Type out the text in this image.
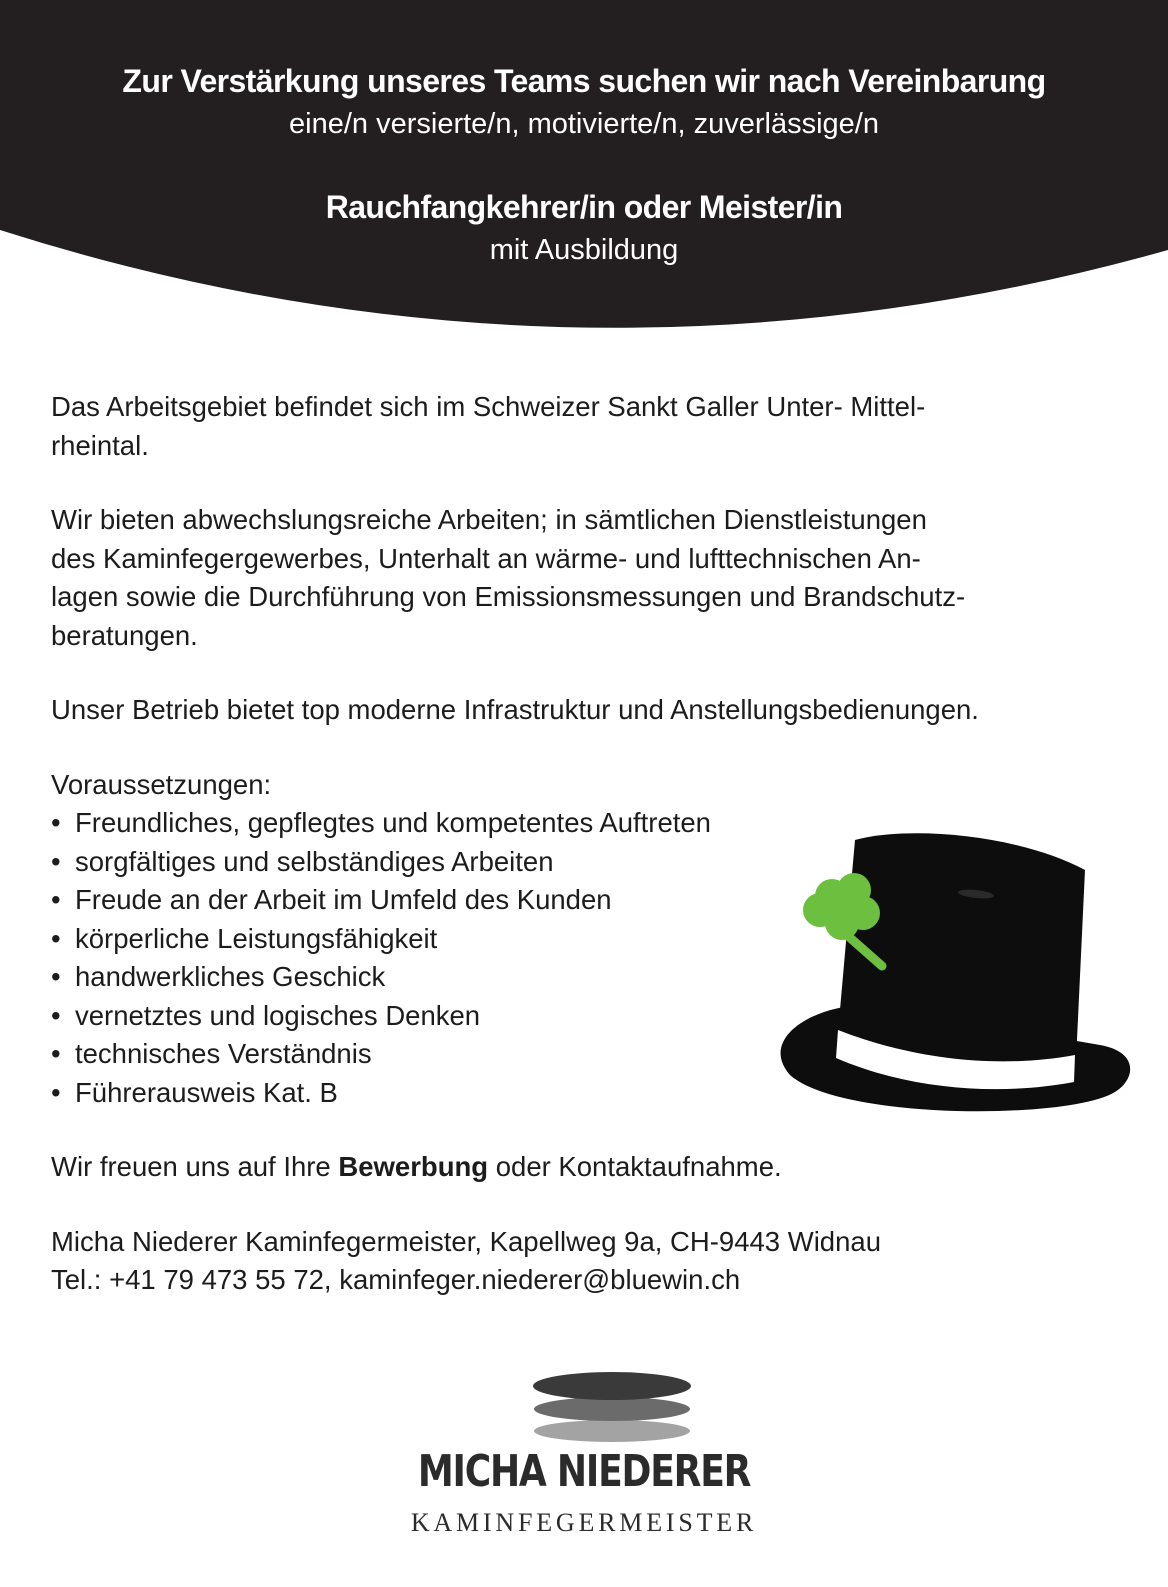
Zur Verstärkung unseres Teams suchen wir nach Vereinbarung
eine/n versierte/n, motivierte/n, zuverlässige/n
Rauchfangkehrer/in oder Meister/in
mit Ausbildung

Das Arbeitsgebiet befindet sich im Schweizer Sankt Galler Unter- Mittel-
rheintal.

Wir bieten abwechslungsreiche Arbeiten; in sämtlichen Dienstleistungen
des Kaminfegergewerbes, Unterhalt an wärme- und lufttechnischen An-
lagen sowie die Durchführung von Emissionsmessungen und Brandschutz-
beratungen.

Unser Betrieb bietet top moderne Infrastruktur und Anstellungsbedienungen.

Voraussetzungen:

• Freundliches, gepflegtes und kompetentes Auftreten
• sorgfältiges und selbständiges Arbeiten
• Freude an der Arbeit im Umfeld des Kunden
• körperliche Leistungsfähigkeit
• handwerkliches Geschick
• vernetztes und logisches Denken
• technisches Verständnis
• Führerausweis Kat. B

Wir freuen uns auf Ihre Bewerbung oder Kontaktaufnahme.

Micha Niederer Kaminfegermeister, Kapellweg 9a, CH-9443 Widnau
Tel.: +41 79 473 55 72, kaminfeger.niederer@bluewin.ch

MICHA NIEDERER
KAMINFEGERMEISTER
